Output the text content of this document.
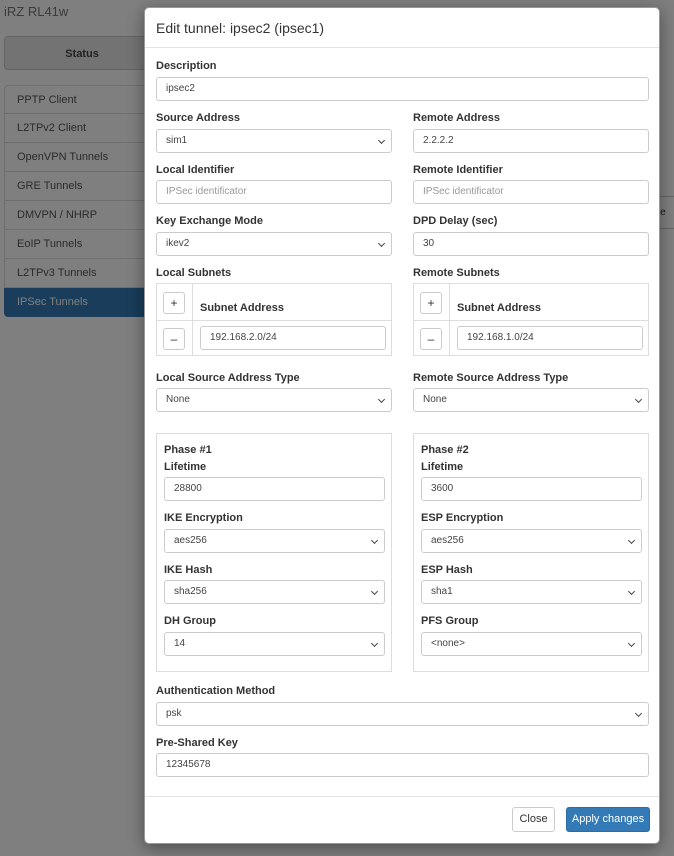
Edit tunnel: ipsec2 (ipsec1)
Description
ipsec2
Source Address
sim1
Remote Address
2.2.2.2
Local Identifier
IPSec identificator
Remote Identifier
IPSec identificator
Key Exchange Mode
ikev2
DPD Delay (sec)
30
Local Subnets
+	Subnet Address
–	192.168.2.0/24
Remote Subnets
+	Subnet Address
–	192.168.1.0/24
Local Source Address Type
None
Remote Source Address Type
None
Phase #1
Lifetime
28800
IKE Encryption
aes256
IKE Hash
sha256
DH Group
14
Phase #2
Lifetime
3600
ESP Encryption
aes256
ESP Hash
sha1
PFS Group
<none>
Authentication Method
psk
Pre-Shared Key
12345678
Close	Apply changes
